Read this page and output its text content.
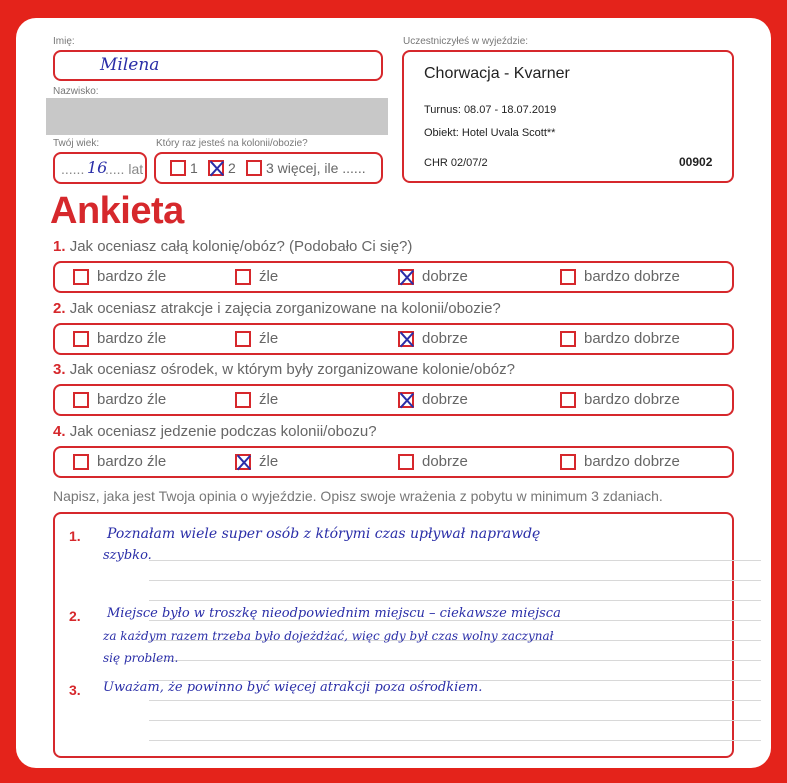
Imię:
Milena
Nazwisko:
Twój wiek:
...... 16
..... lat
Który raz jesteś na kolonii/obozie?
1 2 3 więcej, ile ......
Uczestniczyłeś w wyjeździe:
Chorwacja - Kvarner
Turnus: 08.07 - 18.07.2019
Obiekt: Hotel Uvala Scott**
CHR 02/07/2	00902
Ankieta
1. Jak oceniasz całą kolonię/obóz? (Podobało Ci się?)
bardzo źle	źle	dobrze	bardzo dobrze
2. Jak oceniasz atrakcje i zajęcia zorganizowane na kolonii/obozie?
bardzo źle	źle	dobrze	bardzo dobrze
3. Jak oceniasz ośrodek, w którym były zorganizowane kolonie/obóz?
bardzo źle	źle	dobrze	bardzo dobrze
4. Jak oceniasz jedzenie podczas kolonii/obozu?
bardzo źle	źle	dobrze	bardzo dobrze
Napisz, jaka jest Twoja opinia o wyjeździe. Opisz swoje wrażenia z pobytu w minimum 3 zdaniach.
1. Poznałam wiele super osób z którymi czas upływał naprawdę
szybko.
2. Miejsce było w troszkę nieodpowiednim miejscu – ciekawsze miejsca
za każdym razem trzeba było dojeżdżać, więc gdy był czas wolny zaczynał
się problem.
3. Uważam, że powinno być więcej atrakcji poza ośrodkiem.
